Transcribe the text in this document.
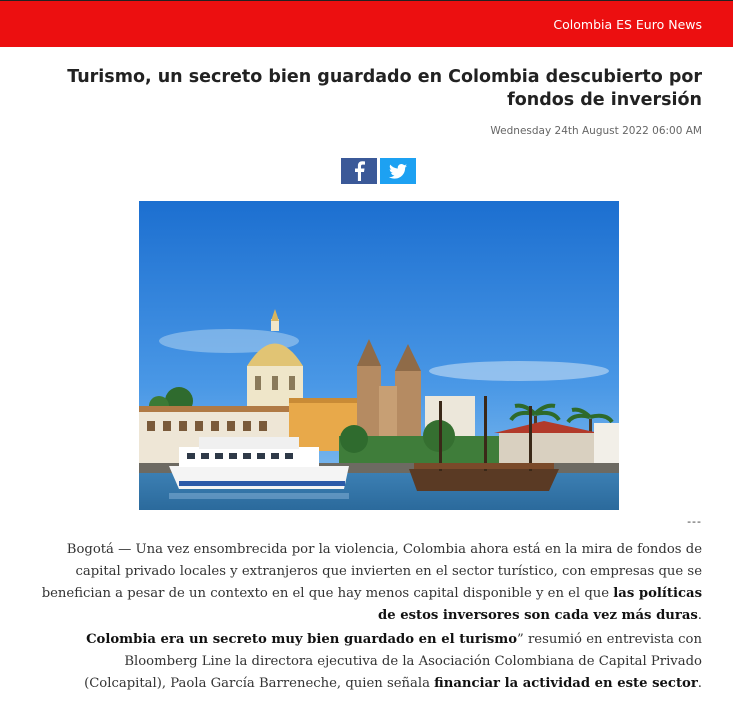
Colombia ES Euro News
Turismo, un secreto bien guardado en Colombia descubierto por fondos de inversión
Wednesday 24th August 2022 06:00 AM
---

Bogotá — Una vez ensombrecida por la violencia, Colombia ahora está en la mira de fondos de capital privado locales y extranjeros que invierten en el sector turístico, con empresas que se benefician a pesar de un contexto en el que hay menos capital disponible y en el que las políticas de estos inversores son cada vez más duras.

Colombia era un secreto muy bien guardado en el turismo” resumió en entrevista con Bloomberg Line la directora ejecutiva de la Asociación Colombiana de Capital Privado (Colcapital), Paola García Barreneche, quien señala financiar la actividad en este sector.
